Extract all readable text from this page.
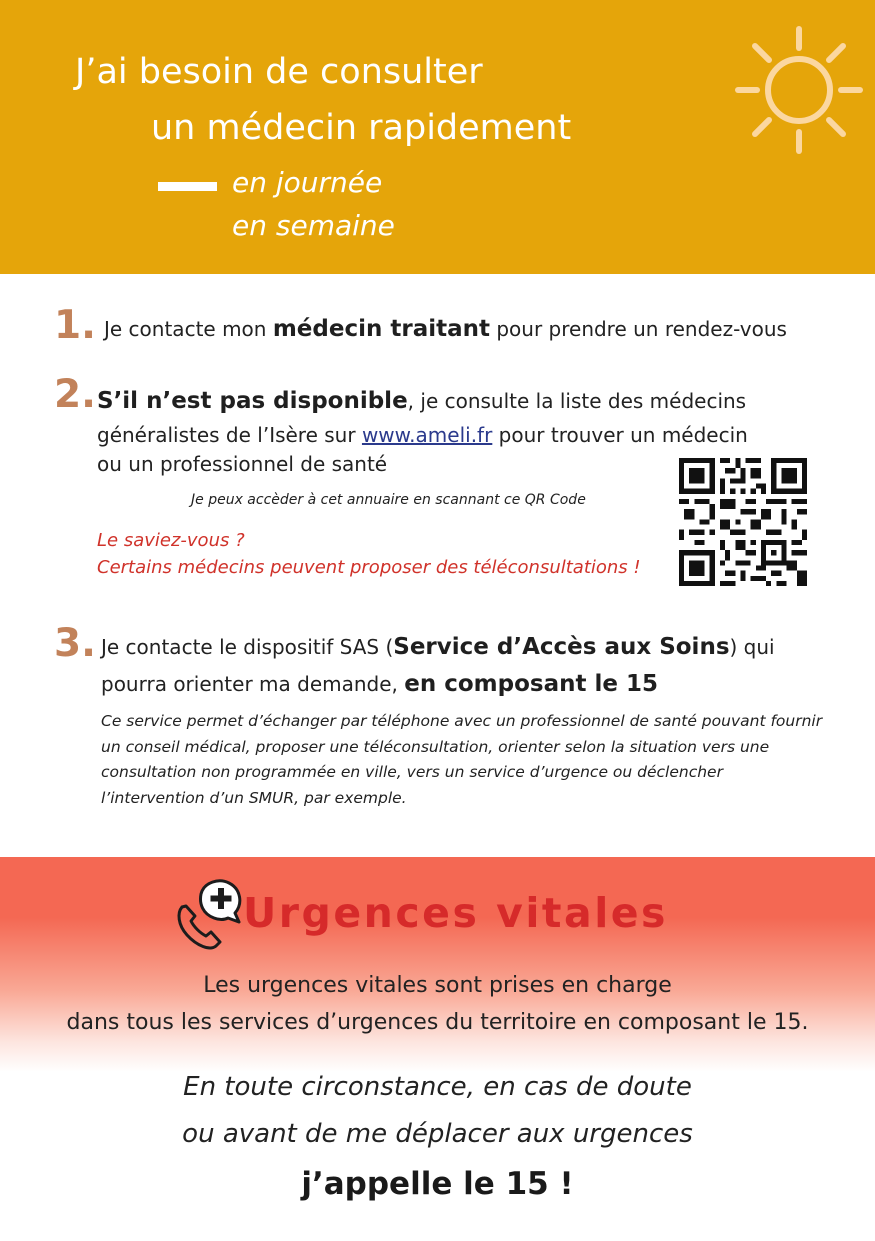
J’ai besoin de consulter
un médecin rapidement
en journée
en semaine
1. Je contacte mon médecin traitant pour prendre un rendez-vous
2. S’il n’est pas disponible, je consulte la liste des médecins
généralistes de l’Isère sur www.ameli.fr pour trouver un médecin
ou un professionnel de santé
Je peux accèder à cet annuaire en scannant ce QR Code
Le saviez-vous ?
Certains médecins peuvent proposer des téléconsultations !
3. Je contacte le dispositif SAS (Service d’Accès aux Soins) qui
pourra orienter ma demande, en composant le 15
Ce service permet d’échanger par téléphone avec un professionnel de santé pouvant fournir un conseil médical, proposer une téléconsultation, orienter selon la situation vers une consultation non programmée en ville, vers un service d’urgence ou déclencher l’intervention d’un SMUR, par exemple.
Urgences vitales
Les urgences vitales sont prises en charge
dans tous les services d’urgences du territoire en composant le 15.
En toute circonstance, en cas de doute
ou avant de me déplacer aux urgences
j’appelle le 15 !
